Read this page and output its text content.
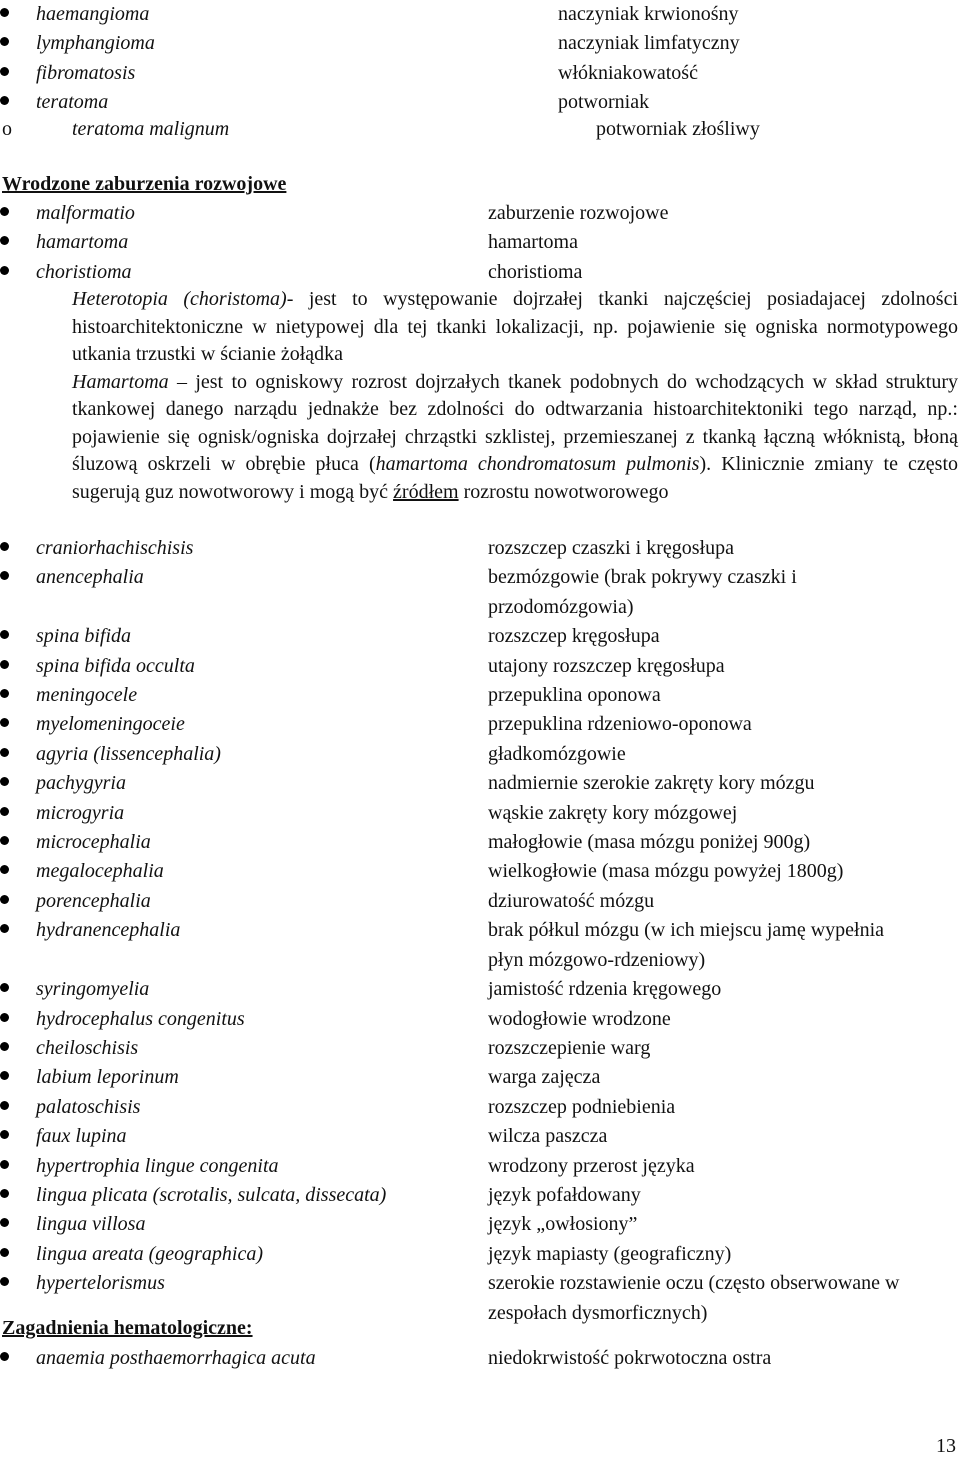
haemangioma	naczyniak krwionośny
lymphangioma	naczyniak limfatyczny
fibromatosis	włókniakowatość
teratoma	potworniak
o	teratoma malignum	potworniak złośliwy
Wrodzone zaburzenia rozwojowe
malformatio	zaburzenie rozwojowe
hamartoma	hamartoma
choristioma	choristioma

Heterotopia (choristoma)- jest to występowanie dojrzałej tkanki najczęściej posiadajacej zdolności histoarchitektoniczne w nietypowej dla tej tkanki lokalizacji, np. pojawienie się ogniska normotypowego utkania trzustki w ścianie żołądka

Hamartoma – jest to ogniskowy rozrost dojrzałych tkanek podobnych do wchodzących w skład struktury tkankowej danego narządu jednakże bez zdolności do odtwarzania histoarchitektoniki tego narząd, np.: pojawienie się ognisk/ogniska dojrzałej chrząstki szklistej, przemieszanej z tkanką łączną włóknistą, błoną śluzową oskrzeli w obrębie płuca (hamartoma chondromatosum pulmonis). Klinicznie zmiany te często sugerują guz nowotworowy i mogą być źródłem rozrostu nowotworowego

craniorhachischisis	rozszczep czaszki i kręgosłupa
anencephalia	bezmózgowie (brak pokrywy czaszki i przodomózgowia)
spina bifida	rozszczep kręgosłupa
spina bifida occulta	utajony rozszczep kręgosłupa
meningocele	przepuklina oponowa
myelomeningoceie	przepuklina rdzeniowo-oponowa
agyria (lissencephalia)	gładkomózgowie
pachygyria	nadmiernie szerokie zakręty kory mózgu
microgyria	wąskie zakręty kory mózgowej
microcephalia	małogłowie (masa mózgu poniżej 900g)
megalocephalia	wielkogłowie (masa mózgu powyżej 1800g)
porencephalia	dziurowatość mózgu
hydranencephalia	brak półkul mózgu (w ich miejscu jamę wypełnia płyn mózgowo-rdzeniowy)
syringomyelia	jamistość rdzenia kręgowego
hydrocephalus congenitus	wodogłowie wrodzone
cheiloschisis	rozszczepienie warg
labium leporinum	warga zajęcza
palatoschisis	rozszczep podniebienia
faux lupina	wilcza paszcza
hypertrophia lingue congenita	wrodzony przerost języka
lingua plicata (scrotalis, sulcata, dissecata)	język pofałdowany
lingua villosa	język „owłosiony”
lingua areata (geographica)	język mapiasty (geograficzny)
hypertelorismus	szerokie rozstawienie oczu (często obserwowane w zespołach dysmorficznych)
Zagadnienia hematologiczne:
anaemia posthaemorrhagica acuta	niedokrwistość pokrwotoczna ostra
13
